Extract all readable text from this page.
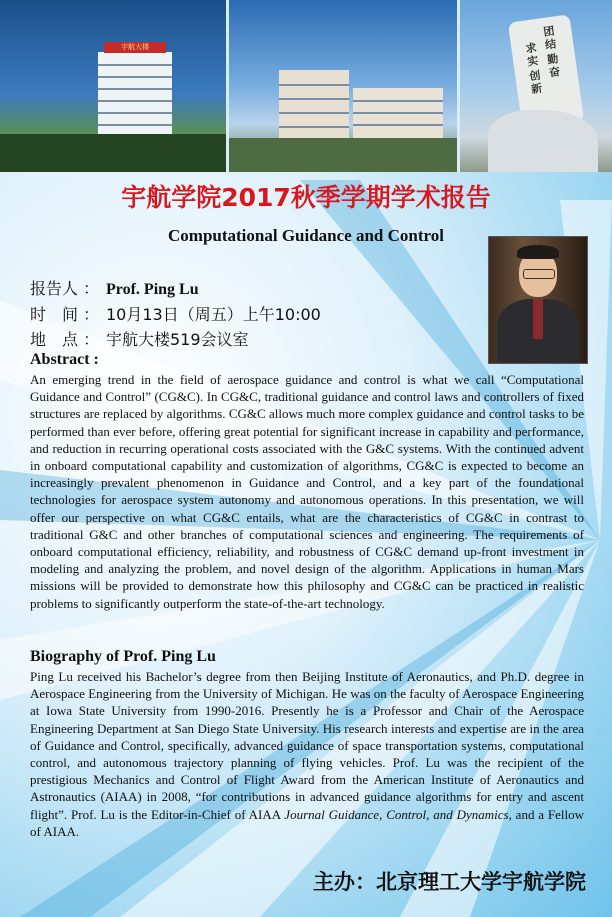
宇航大楼
团结
勤奋
求实
创新
宇航学院2017秋季学期学术报告
Computational Guidance and Control
报告人 ： Prof. Ping Lu
时　间 ： 10月13日（周五）上午10:00
地　点 ： 宇航大楼519会议室
Abstract :
An emerging trend in the field of aerospace guidance and control is what we call “Computational Guidance and Control” (CG&C). In CG&C, traditional guidance and control laws and controllers of fixed structures are replaced by algorithms. CG&C allows much more complex guidance and control tasks to be performed than ever before, offering great potential for significant increase in capability and performance, and reduction in recurring operational costs associated with the G&C systems. With the continued advent in onboard computational capability and customization of algorithms, CG&C is expected to become an increasingly prevalent phenomenon in Guidance and Control, and a key part of the foundational technologies for aerospace system autonomy and autonomous operations. In this presentation, we will offer our perspective on what CG&C entails, what are the characteristics of CG&C in contrast to traditional G&C and other branches of computational sciences and engineering. The requirements of onboard computational efficiency, reliability, and robustness of CG&C demand up-front investment in modeling and analyzing the problem, and novel design of the algorithm. Applications in human Mars missions will be provided to demonstrate how this philosophy and CG&C can be practiced in realistic problems to significantly outperform the state-of-the-art technology.
Biography of Prof. Ping Lu
Ping Lu received his Bachelor’s degree from then Beijing Institute of Aeronautics, and Ph.D. degree in Aerospace Engineering from the University of Michigan. He was on the faculty of Aerospace Engineering at Iowa State University from 1990-2016. Presently he is a Professor and Chair of the Aerospace Engineering Department at San Diego State University. His research interests and expertise are in the area of Guidance and Control, specifically, advanced guidance of space transportation systems, computational control, and autonomous trajectory planning of flying vehicles. Prof. Lu was the recipient of the prestigious Mechanics and Control of Flight Award from the American Institute of Aeronautics and Astronautics (AIAA) in 2008, “for contributions in advanced guidance algorithms for entry and ascent flight”. Prof. Lu is the Editor-in-Chief of AIAA Journal Guidance, Control, and Dynamics, and a Fellow of AIAA.
主办：北京理工大学宇航学院
